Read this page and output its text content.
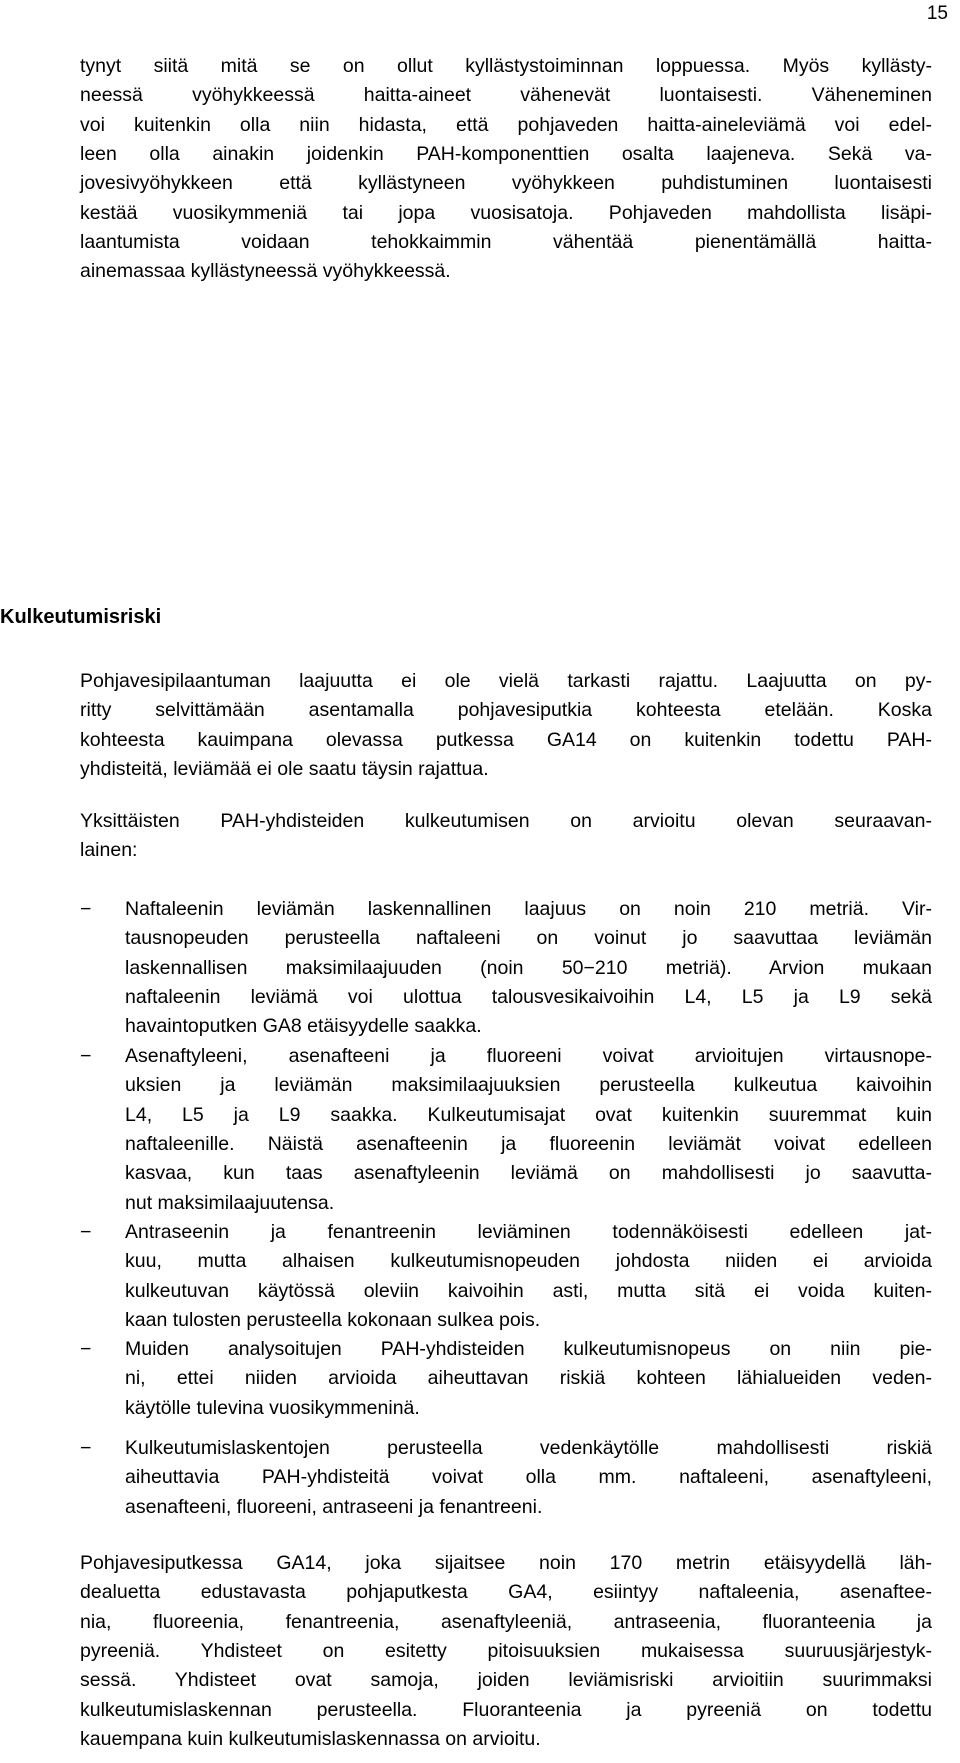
15

tynyt siitä mitä se on ollut kyllästystoiminnan loppuessa. Myös kyllästy-
neessä vyöhykkeessä haitta-aineet vähenevät luontaisesti. Väheneminen
voi kuitenkin olla niin hidasta, että pohjaveden haitta-aineleviämä voi edel-
leen olla ainakin joidenkin PAH-komponenttien osalta laajeneva. Sekä va-
jovesivyöhykkeen että kyllästyneen vyöhykkeen puhdistuminen luontaisesti
kestää vuosikymmeniä tai jopa vuosisatoja. Pohjaveden mahdollista lisäpi-
laantumista voidaan tehokkaimmin vähentää pienentämällä haitta-
ainemassaa kyllästyneessä vyöhykkeessä.

Kulkeutumisriski

Pohjavesipilaantuman laajuutta ei ole vielä tarkasti rajattu. Laajuutta on py-
ritty selvittämään asentamalla pohjavesiputkia kohteesta etelään. Koska
kohteesta kauimpana olevassa putkessa GA14 on kuitenkin todettu PAH-
yhdisteitä, leviämää ei ole saatu täysin rajattua.

Yksittäisten PAH-yhdisteiden kulkeutumisen on arvioitu olevan seuraavan-
lainen:

−	Naftaleenin leviämän laskennallinen laajuus on noin 210 metriä. Vir-
tausnopeuden perusteella naftaleeni on voinut jo saavuttaa leviämän
laskennallisen maksimilaajuuden (noin 50−210 metriä). Arvion mukaan
naftaleenin leviämä voi ulottua talousvesikaivoihin L4, L5 ja L9 sekä
havaintoputken GA8 etäisyydelle saakka.
−	Asenaftyleeni, asenafteeni ja fluoreeni voivat arvioitujen virtausnope-
uksien ja leviämän maksimilaajuuksien perusteella kulkeutua kaivoihin
L4, L5 ja L9 saakka. Kulkeutumisajat ovat kuitenkin suuremmat kuin
naftaleenille. Näistä asenafteenin ja fluoreenin leviämät voivat edelleen
kasvaa, kun taas asenaftyleenin leviämä on mahdollisesti jo saavutta-
nut maksimilaajuutensa.
−	Antraseenin ja fenantreenin leviäminen todennäköisesti edelleen jat-
kuu, mutta alhaisen kulkeutumisnopeuden johdosta niiden ei arvioida
kulkeutuvan käytössä oleviin kaivoihin asti, mutta sitä ei voida kuiten-
kaan tulosten perusteella kokonaan sulkea pois.
−	Muiden analysoitujen PAH-yhdisteiden kulkeutumisnopeus on niin pie-
ni, ettei niiden arvioida aiheuttavan riskiä kohteen lähialueiden veden-
käytölle tulevina vuosikymmeninä.
−	Kulkeutumislaskentojen perusteella vedenkäytölle mahdollisesti riskiä
aiheuttavia PAH-yhdisteitä voivat olla mm. naftaleeni, asenaftyleeni,
asenafteeni, fluoreeni, antraseeni ja fenantreeni.

Pohjavesiputkessa GA14, joka sijaitsee noin 170 metrin etäisyydellä läh-
dealuetta edustavasta pohjaputkesta GA4, esiintyy naftaleenia, asenaftee-
nia, fluoreenia, fenantreenia, asenaftyleeniä, antraseenia, fluoranteenia ja
pyreeniä. Yhdisteet on esitetty pitoisuuksien mukaisessa suuruusjärjestyk-
sessä. Yhdisteet ovat samoja, joiden leviämisriski arvioitiin suurimmaksi
kulkeutumislaskennan perusteella. Fluoranteenia ja pyreeniä on todettu
kauempana kuin kulkeutumislaskennassa on arvioitu.
